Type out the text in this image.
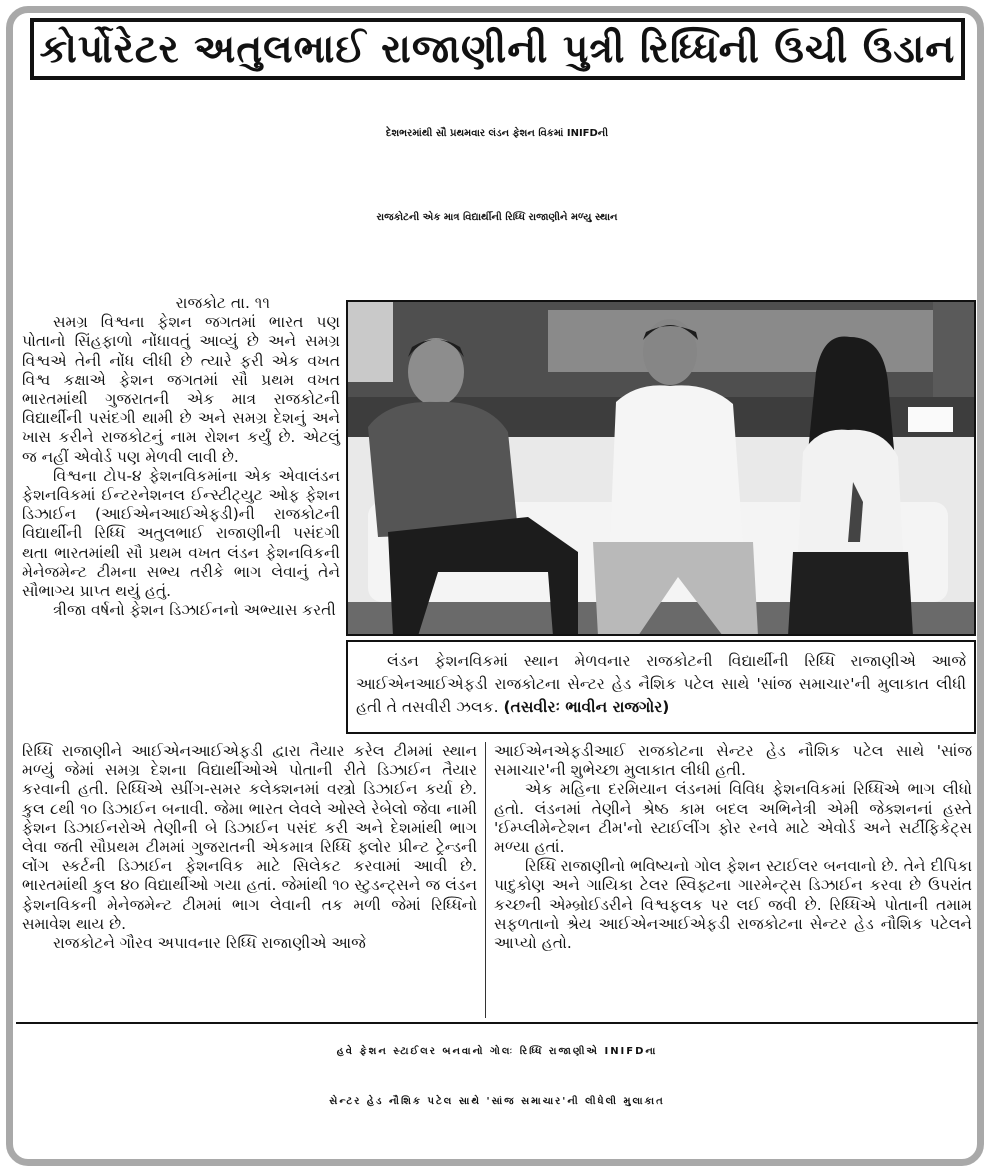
કોર્પોરેટર અતુલભાઈ રાજાણીની પુત્રી રિધ્ધિની ઉચી ઉડાન
દેશભરમાંથી સૌ પ્રથમવાર લંડન ફેશન વિકમાં INIFDની
રાજકોટની એક માત્ર વિદ્યાર્થીની રિધ્ધિ રાજાણીને મળ્યુ સ્થાન

રાજકોટ તા. ૧૧

સમગ્ર વિશ્વના ફેશન જગતમાં ભારત પણ પોતાનો સિંહફાળો નોંધાવતું આવ્યું છે અને સમગ્ર વિશ્વએ તેની નોંધ લીધી છે ત્યારે ફરી એક વખત વિશ્વ કક્ષાએ ફેશન જગતમાં સૌ પ્રથમ વખત ભારતમાંથી ગુજરાતની એક માત્ર રાજકોટની વિદ્યાર્થીની પસંદગી થામી છે અને સમગ્ર દેશનું અને ખાસ કરીને રાજકોટનું નામ રોશન કર્યું છે. એટલું જ નહીં એવોર્ડ પણ મેળવી લાવી છે.

વિશ્વના ટોપ-૪ ફેશનવિકમાંના એક એવાલંડન ફેશનવિકમાં ઈન્ટરનેશનલ ઈન્સ્ટીટ્યુટ ઓફ ફેશન ડિઝાઈન (આઈએનઆઈએફડી)ની રાજકોટની વિદ્યાર્થીની રિધ્ધિ અતુલભાઈ રાજાણીની પસંદગી થતા ભારતમાંથી સૌ પ્રથમ વખત લંડન ફેશનવિકની મેનેજમેન્ટ ટીમના સભ્ય તરીકે ભાગ લેવાનું તેને સૌભાગ્ય પ્રાપ્ત થયું હતું.

ત્રીજા વર્ષનો ફેશન ડિઝાઈનનો અભ્યાસ કરતી

લંડન ફેશનવિકમાં સ્થાન મેળવનાર રાજકોટની વિદ્યાર્થીની રિધ્ધિ રાજાણીએ આજે આઈએનઆઈએફડી રાજકોટના સેન્ટર હેડ નૈશિક પટેલ સાથે 'સાંજ સમાચાર'ની મુલાકાત લીધી હતી તે તસવીરી ઝલક. (તસવીરઃ ભાવીન રાજગોર)

રિધ્ધિ રાજાણીને આઈએનઆઈએફડી દ્વારા તૈયાર કરેલ ટીમમાં સ્થાન મળ્યું જેમાં સમગ્ર દેશના વિદ્યાર્થીઓએ પોતાની રીતે ડિઝાઈન તૈયાર કરવાની હતી. રિધ્ધિએ સ્પ્રીંગ-સમર કલેક્શનમાં વસ્ત્રો ડિઝાઈન કર્યા છે. કુલ ૮થી ૧૦ ડિઝાઈન બનાવી. જેમા ભારત લેવલે ઓસ્લે રેબેલો જેવા નામી ફેશન ડિઝાઈનરોએ તેણીની બે ડિઝાઈન પસંદ કરી અને દેશમાંથી ભાગ લેવા જતી સૌપ્રથમ ટીમમાં ગુજરાતની એકમાત્ર રિધ્ધિ ફ્લોર પ્રીન્ટ ટ્રેન્ડની લોંગ સ્કર્ટની ડિઝાઈન ફેશનવિક માટે સિલેકટ કરવામાં આવી છે. ભારતમાંથી કુલ ૪૦ વિદ્યાર્થીઓ ગયા હતાં. જેમાંથી ૧૦ સ્ટુડન્ટ્સને જ લંડન ફેશનવિકની મેનેજમેન્ટ ટીમમાં ભાગ લેવાની તક મળી જેમાં રિધ્ધિનો સમાવેશ થાય છે.

રાજકોટને ગૌરવ અપાવનાર રિધ્ધિ રાજાણીએ આજે

આઈએનએફડીઆઈ રાજકોટના સેન્ટર હેડ નૌશિક પટેલ સાથે 'સાંજ સમાચાર'ની શુભેચ્છા મુલાકાત લીધી હતી.

એક મહિના દરમિયાન લંડનમાં વિવિધ ફેશનવિકમાં રિધ્ધિએ ભાગ લીધો હતો. લંડનમાં તેણીને શ્રેષ્ઠ કામ બદલ અભિનેત્રી એમી જેક્શનનાં હસ્તે 'ઈમ્પ્લીમેન્ટેશન ટીમ'નો સ્ટાઈલીંગ ફોર રનવે માટે એવોર્ડ અને સર્ટીફિકેટ્સ મળ્યા હતાં.

રિધ્ધિ રાજાણીનો ભવિષ્યનો ગોલ ફેશન સ્ટાઈલર બનવાનો છે. તેને દીપિકા પાદુકોણ અને ગાયિકા ટેલર સ્વિફ્ટના ગારમેન્ટ્સ ડિઝાઈન કરવા છે ઉપરાંત કચ્છની એમ્બ્રોઈડરીને વિશ્વફલક પર લઈ જવી છે. રિધ્ધિએ પોતાની તમામ સફળતાનો શ્રેય આઈએનઆઈએફડી રાજકોટના સેન્ટર હેડ નૌશિક પટેલને આપ્યો હતો.

હવે ફેશન સ્ટાઈલર બનવાનો ગોલઃ રિધ્ધિ રાજાણીએ INIFDના
સેન્ટર હેડ નૌશિક પટેલ સાથે 'સાંજ સમાચાર'ની લીધેલી મુલાકાત
